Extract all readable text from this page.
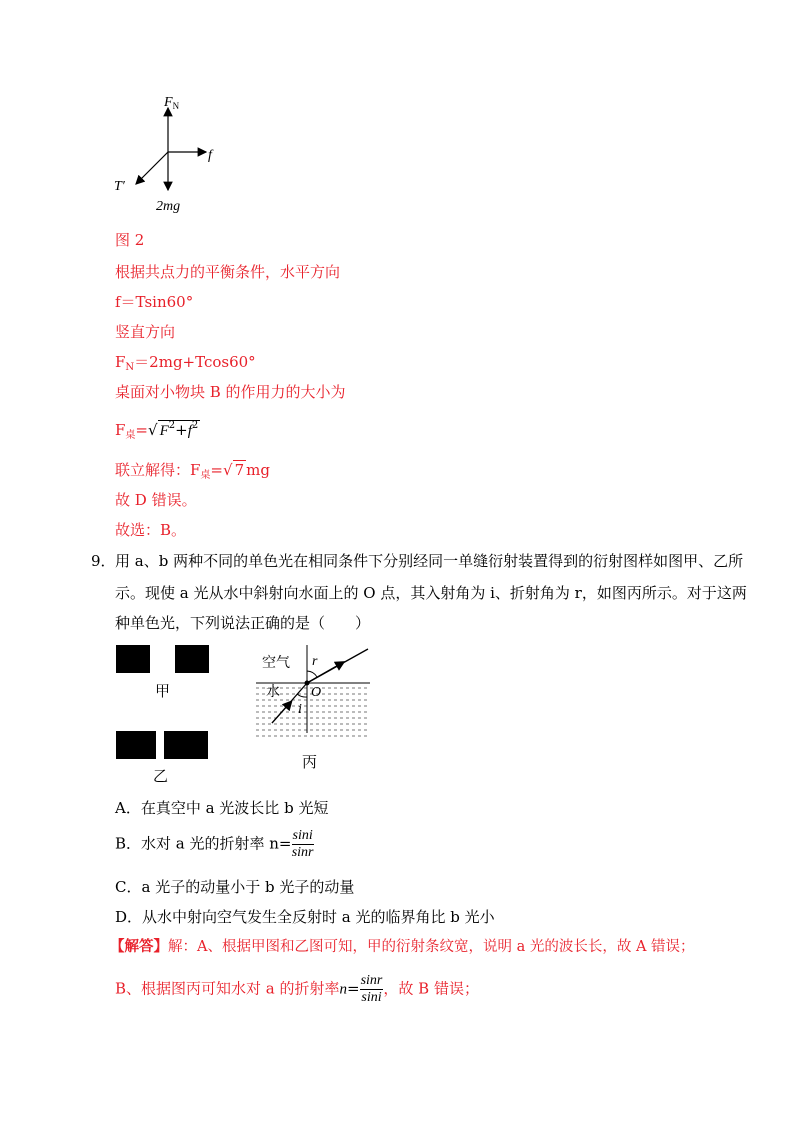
$F_N$
f
T′
2mg
图 2
根据共点力的平衡条件，水平方向
f＝Tsin60°
竖直方向
$F_N=2mg+Tcos60^\circ$
桌面对小物块 B 的作用力的大小为
$F_桌=√$ $F^2+f^2$
联立解得：$F_桌=√$ 7 mg
故 D 错误。
故选：B。
9． 用 a、b 两种不同的单色光在相同条件下分别经同一单缝衍射装置得到的衍射图样如图甲、乙所
示。现使 a 光从水中斜射向水面上的 O 点，其入射角为 i、折射角为 r，如图丙所示。对于这两
种单色光，下列说法正确的是（　　）
甲
乙
空气 r
水 O
i
丙
A．在真空中 a 光波长比 b 光短
B．水对 a 光的折射率 $n= \frac{\sin i}{\sin r}$
C．a 光子的动量小于 b 光子的动量
D．从水中射向空气发生全反射时 a 光的临界角比 b 光小
【解答】解：A、根据甲图和乙图可知，甲的衍射条纹宽，说明 a 光的波长长，故 A 错误；
B、根据图丙可知水对 a 的折射率$n= \frac{\sin r}{\sin i}$ ，故 B 错误；
